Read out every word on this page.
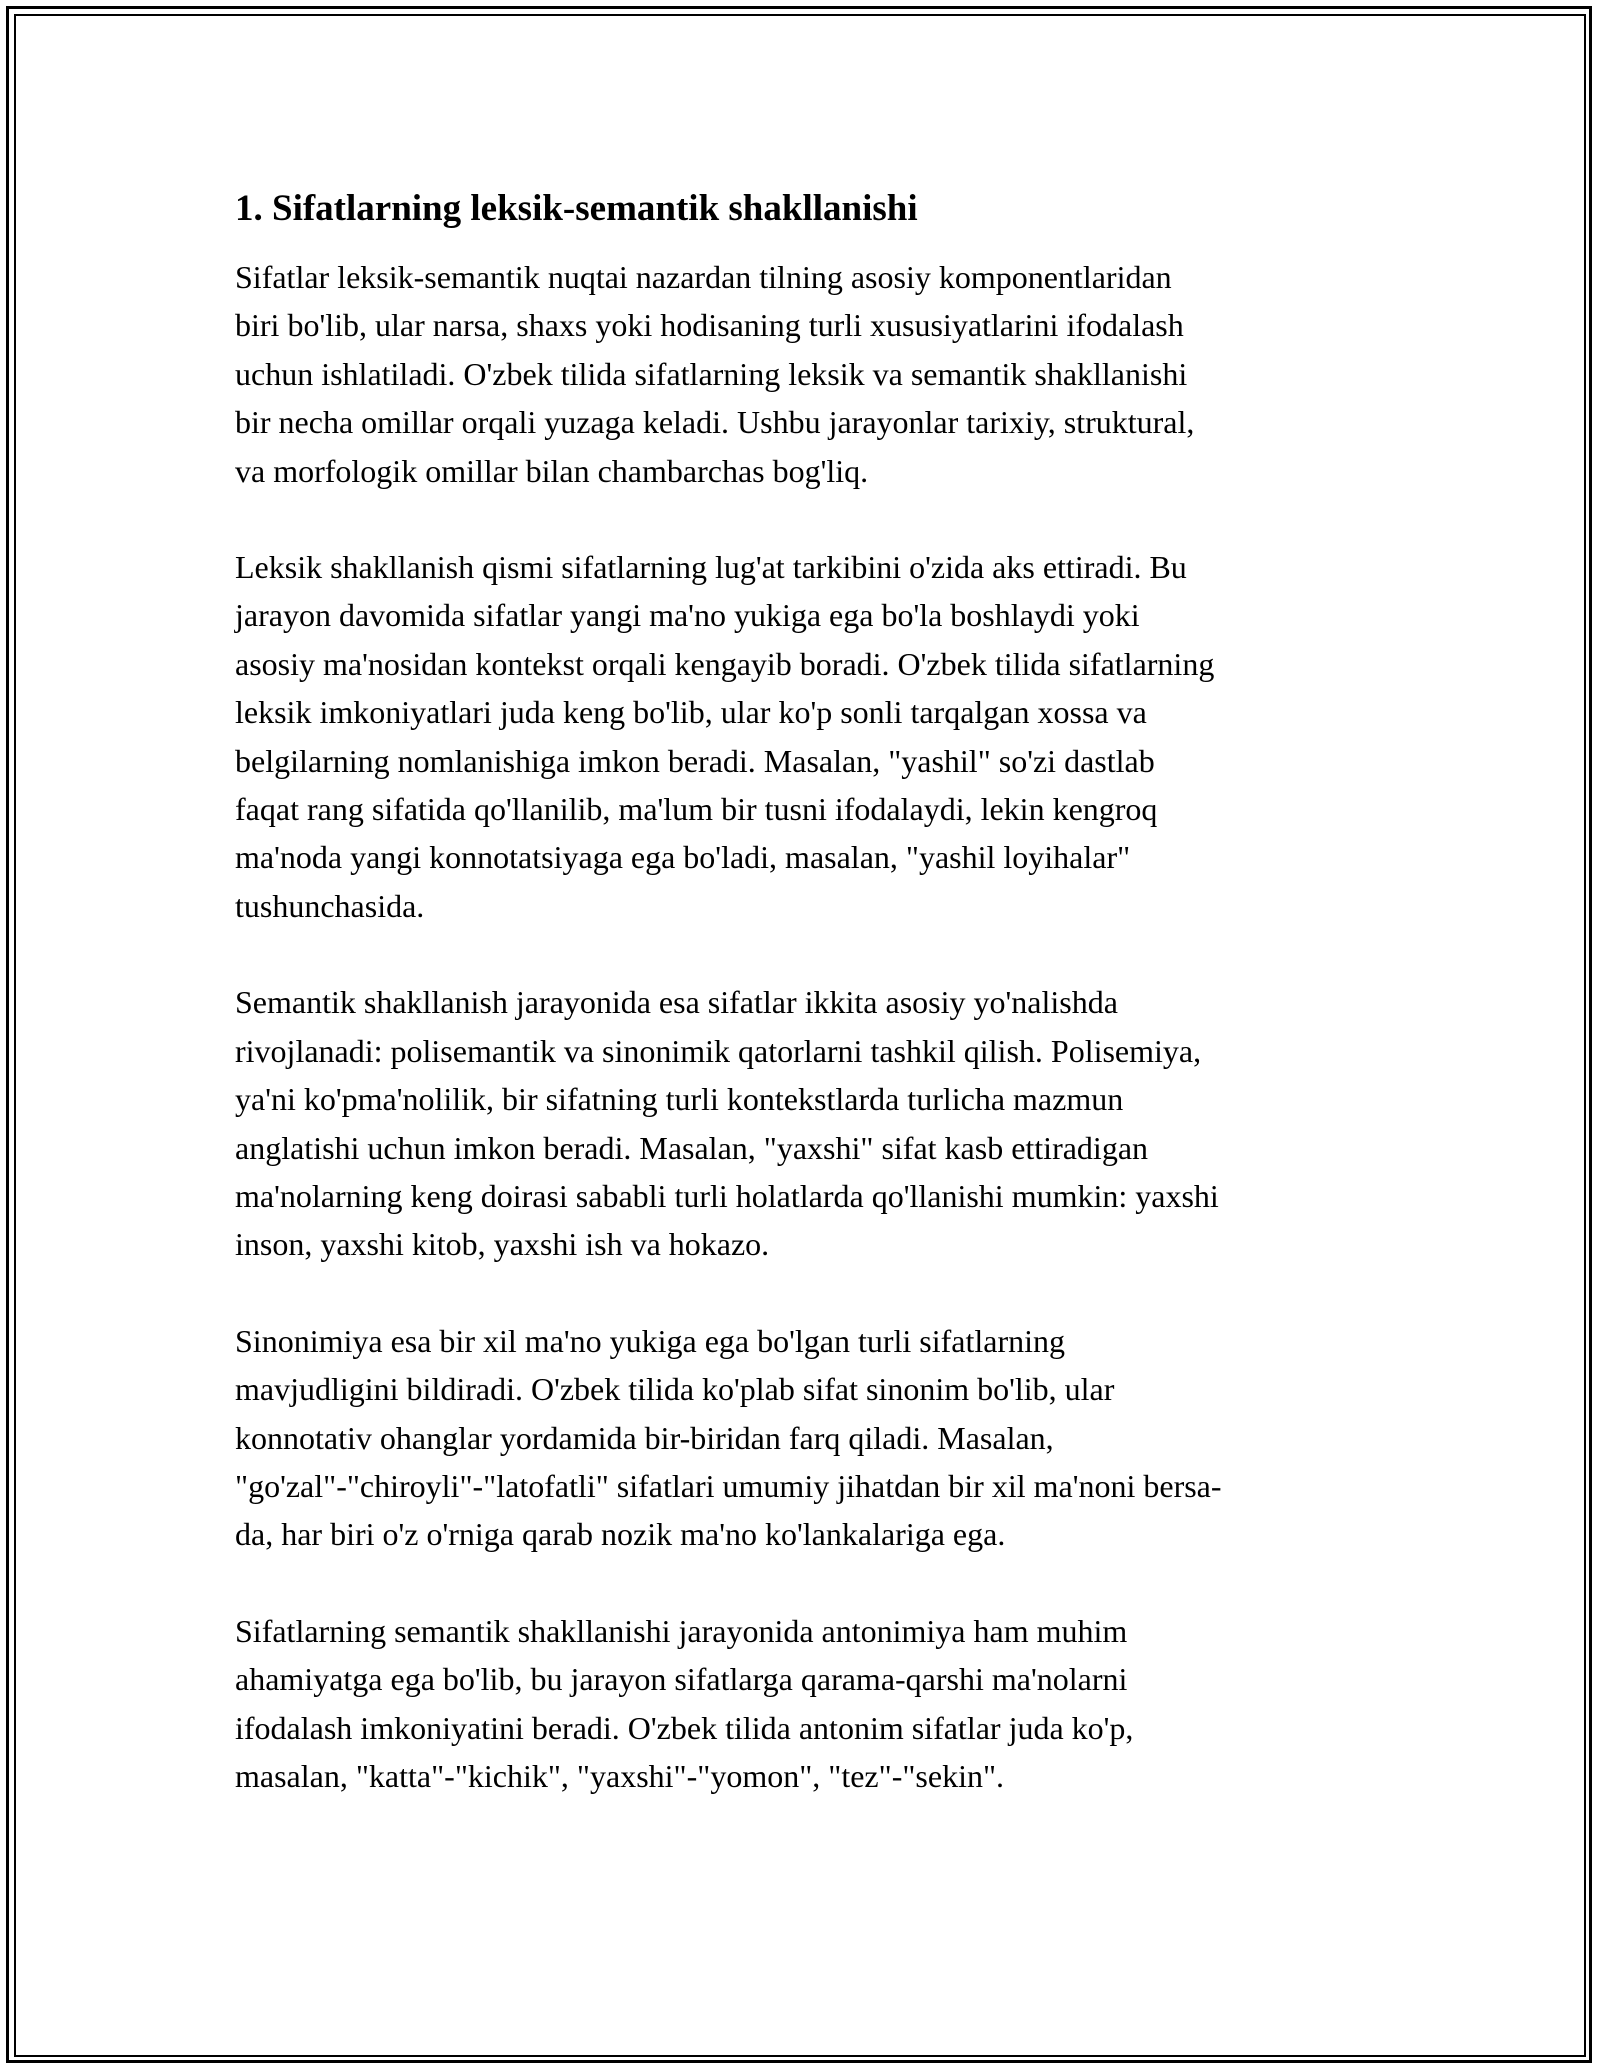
1. Sifatlarning leksik-semantik shakllanishi
Sifatlar leksik-semantik nuqtai nazardan tilning asosiy komponentlaridan
biri bo'lib, ular narsa, shaxs yoki hodisaning turli xususiyatlarini ifodalash
uchun ishlatiladi. O'zbek tilida sifatlarning leksik va semantik shakllanishi
bir necha omillar orqali yuzaga keladi. Ushbu jarayonlar tarixiy, struktural,
va morfologik omillar bilan chambarchas bog'liq.
Leksik shakllanish qismi sifatlarning lug'at tarkibini o'zida aks ettiradi. Bu
jarayon davomida sifatlar yangi ma'no yukiga ega bo'la boshlaydi yoki
asosiy ma'nosidan kontekst orqali kengayib boradi. O'zbek tilida sifatlarning
leksik imkoniyatlari juda keng bo'lib, ular ko'p sonli tarqalgan xossa va
belgilarning nomlanishiga imkon beradi. Masalan, "yashil" so'zi dastlab
faqat rang sifatida qo'llanilib, ma'lum bir tusni ifodalaydi, lekin kengroq
ma'noda yangi konnotatsiyaga ega bo'ladi, masalan, "yashil loyihalar"
tushunchasida.
Semantik shakllanish jarayonida esa sifatlar ikkita asosiy yo'nalishda
rivojlanadi: polisemantik va sinonimik qatorlarni tashkil qilish. Polisemiya,
ya'ni ko'pma'nolilik, bir sifatning turli kontekstlarda turlicha mazmun
anglatishi uchun imkon beradi. Masalan, "yaxshi" sifat kasb ettiradigan
ma'nolarning keng doirasi sababli turli holatlarda qo'llanishi mumkin: yaxshi
inson, yaxshi kitob, yaxshi ish va hokazo.
Sinonimiya esa bir xil ma'no yukiga ega bo'lgan turli sifatlarning
mavjudligini bildiradi. O'zbek tilida ko'plab sifat sinonim bo'lib, ular
konnotativ ohanglar yordamida bir-biridan farq qiladi. Masalan,
"go'zal"-"chiroyli"-"latofatli" sifatlari umumiy jihatdan bir xil ma'noni bersa-
da, har biri o'z o'rniga qarab nozik ma'no ko'lankalariga ega.
Sifatlarning semantik shakllanishi jarayonida antonimiya ham muhim
ahamiyatga ega bo'lib, bu jarayon sifatlarga qarama-qarshi ma'nolarni
ifodalash imkoniyatini beradi. O'zbek tilida antonim sifatlar juda ko'p,
masalan, "katta"-"kichik", "yaxshi"-"yomon", "tez"-"sekin".
